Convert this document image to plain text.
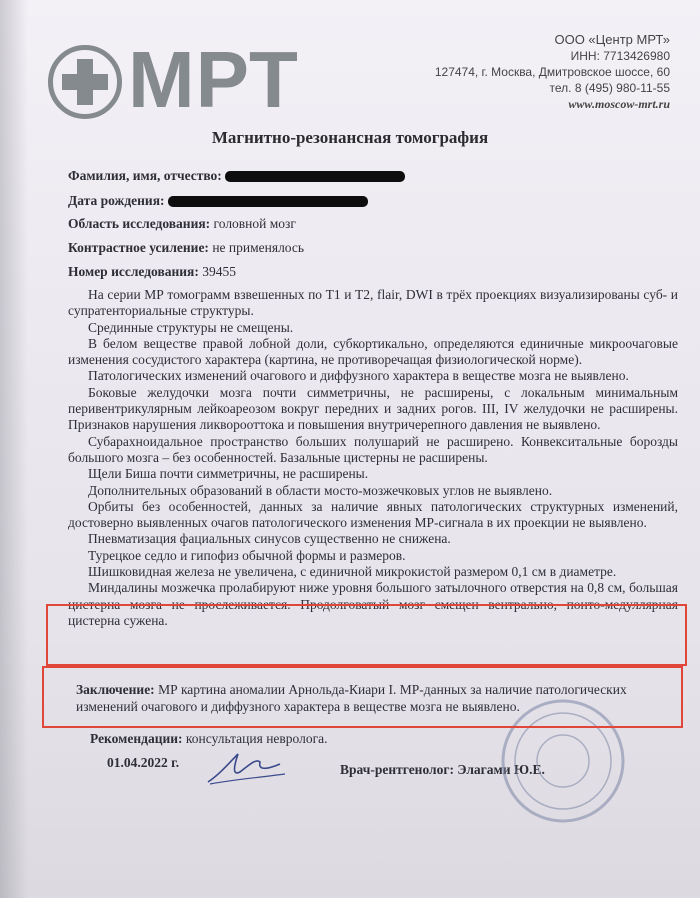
МРТ	ООО «Центр МРТ»
ИНН: 7713426980
127474, г. Москва, Дмитровское шоссе, 60
тел. 8 (495) 980-11-55
www.moscow-mrt.ru
Магнитно-резонансная томография
Фамилия, имя, отчество:
Дата рождения:
Область исследования: головной мозг
Контрастное усиление: не применялось
Номер исследования: 39455

На серии МР томограмм взвешенных по T1 и T2, flair, DWI в трёх проекциях визуализированы суб- и супратенториальные структуры.

Срединные структуры не смещены.

В белом веществе правой лобной доли, субкортикально, определяются единичные микроочаговые изменения сосудистого характера (картина, не противоречащая физиологической норме).

Патологических изменений очагового и диффузного характера в веществе мозга не выявлено.

Боковые желудочки мозга почти симметричны, не расширены, с локальным минимальным перивентрикулярным лейкоареозом вокруг передних и задних рогов. III, IV желудочки не расширены. Признаков нарушения ликворооттока и повышения внутричерепного давления не выявлено.

Субарахноидальное пространство больших полушарий не расширено. Конвекситальные борозды большого мозга – без особенностей. Базальные цистерны не расширены.

Щели Биша почти симметричны, не расширены.

Дополнительных образований в области мосто-мозжечковых углов не выявлено.

Орбиты без особенностей, данных за наличие явных патологических структурных изменений, достоверно выявленных очагов патологического изменения МР-сигнала в их проекции не выявлено.

Пневматизация фациальных синусов существенно не снижена.

Турецкое седло и гипофиз обычной формы и размеров.

Шишковидная железа не увеличена, с единичной микрокистой размером 0,1 см в диаметре.

Миндалины мозжечка пролабируют ниже уровня большого затылочного отверстия на 0,8 см, большая цистерна мозга не прослеживается. Продолговатый мозг смещен вентрально, понто-медуллярная цистерна сужена.

Заключение: МР картина аномалии Арнольда-Киари I. МР-данных за наличие патологических изменений очагового и диффузного характера в веществе мозга не выявлено.
Рекомендации: консультация невролога.
01.04.2022 г.	Врач-рентгенолог: Элагами Ю.Е.
